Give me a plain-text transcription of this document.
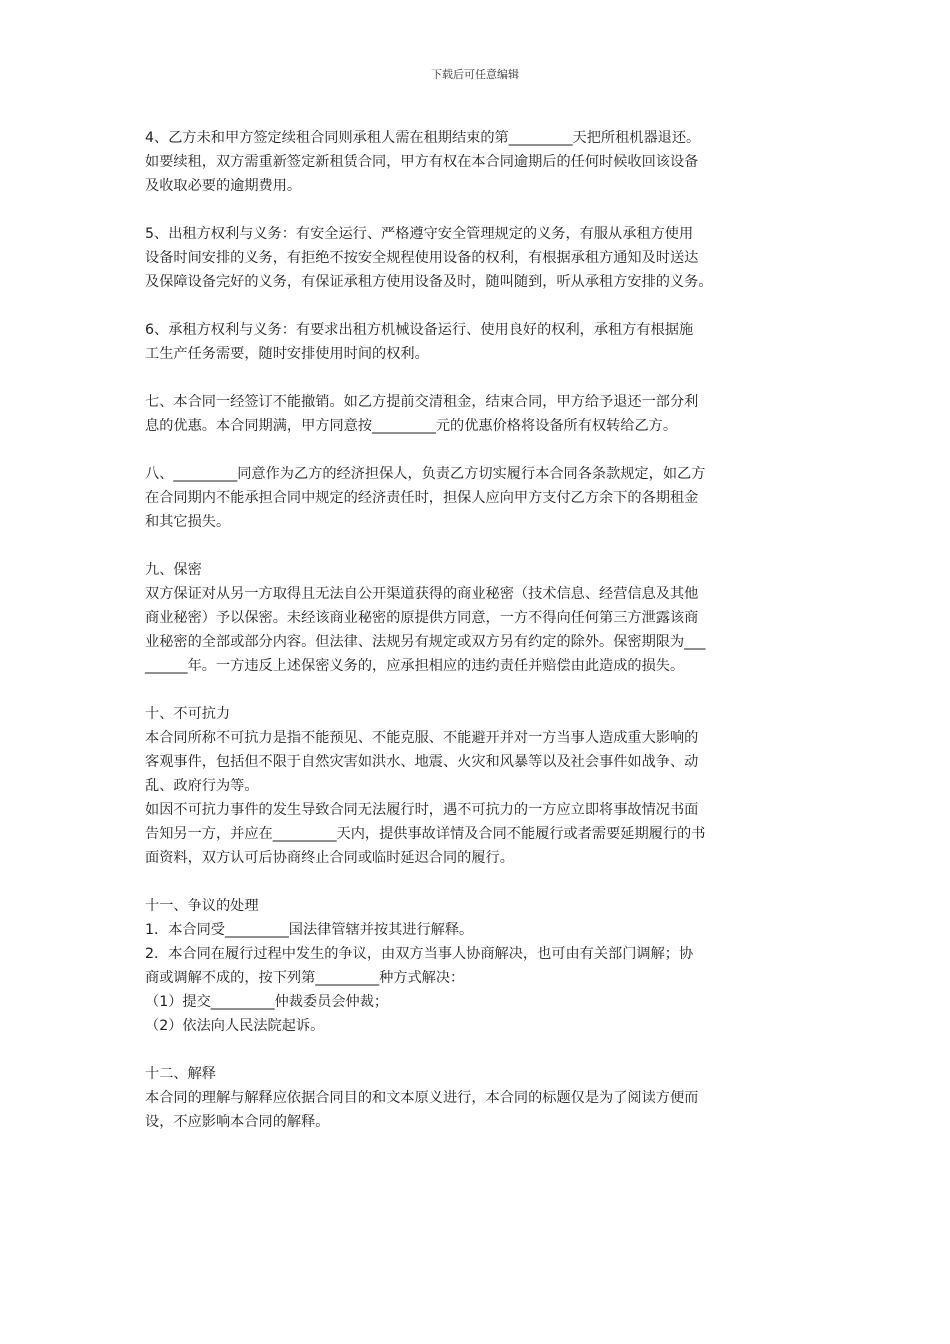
下载后可任意编辑
4、乙方未和甲方签定续租合同则承租人需在租期结束的第_________天把所租机器退还。
如要续租，双方需重新签定新租赁合同，甲方有权在本合同逾期后的任何时候收回该设备
及收取必要的逾期费用。
5、出租方权利与义务：有安全运行、严格遵守安全管理规定的义务，有服从承租方使用
设备时间安排的义务，有拒绝不按安全规程使用设备的权利，有根据承租方通知及时送达
及保障设备完好的义务，有保证承租方使用设备及时，随叫随到，听从承租方安排的义务。
6、承租方权利与义务：有要求出租方机械设备运行、使用良好的权利，承租方有根据施
工生产任务需要，随时安排使用时间的权利。
七、本合同一经签订不能撤销。如乙方提前交清租金，结束合同，甲方给予退还一部分利
息的优惠。本合同期满，甲方同意按_________元的优惠价格将设备所有权转给乙方。
八、_________同意作为乙方的经济担保人，负责乙方切实履行本合同各条款规定，如乙方
在合同期内不能承担合同中规定的经济责任时，担保人应向甲方支付乙方余下的各期租金
和其它损失。
九、保密
双方保证对从另一方取得且无法自公开渠道获得的商业秘密（技术信息、经营信息及其他
商业秘密）予以保密。未经该商业秘密的原提供方同意，一方不得向任何第三方泄露该商
业秘密的全部或部分内容。但法律、法规另有规定或双方另有约定的除外。保密期限为___
______年。一方违反上述保密义务的，应承担相应的违约责任并赔偿由此造成的损失。
十、不可抗力
本合同所称不可抗力是指不能预见、不能克服、不能避开并对一方当事人造成重大影响的
客观事件，包括但不限于自然灾害如洪水、地震、火灾和风暴等以及社会事件如战争、动
乱、政府行为等。
如因不可抗力事件的发生导致合同无法履行时，遇不可抗力的一方应立即将事故情况书面
告知另一方，并应在_________天内，提供事故详情及合同不能履行或者需要延期履行的书
面资料，双方认可后协商终止合同或临时延迟合同的履行。
十一、争议的处理
1．本合同受_________国法律管辖并按其进行解释。
2．本合同在履行过程中发生的争议，由双方当事人协商解决，也可由有关部门调解；协
商或调解不成的，按下列第_________种方式解决：
（1）提交_________仲裁委员会仲裁；
（2）依法向人民法院起诉。
十二、解释
本合同的理解与解释应依据合同目的和文本原义进行，本合同的标题仅是为了阅读方便而
设，不应影响本合同的解释。
